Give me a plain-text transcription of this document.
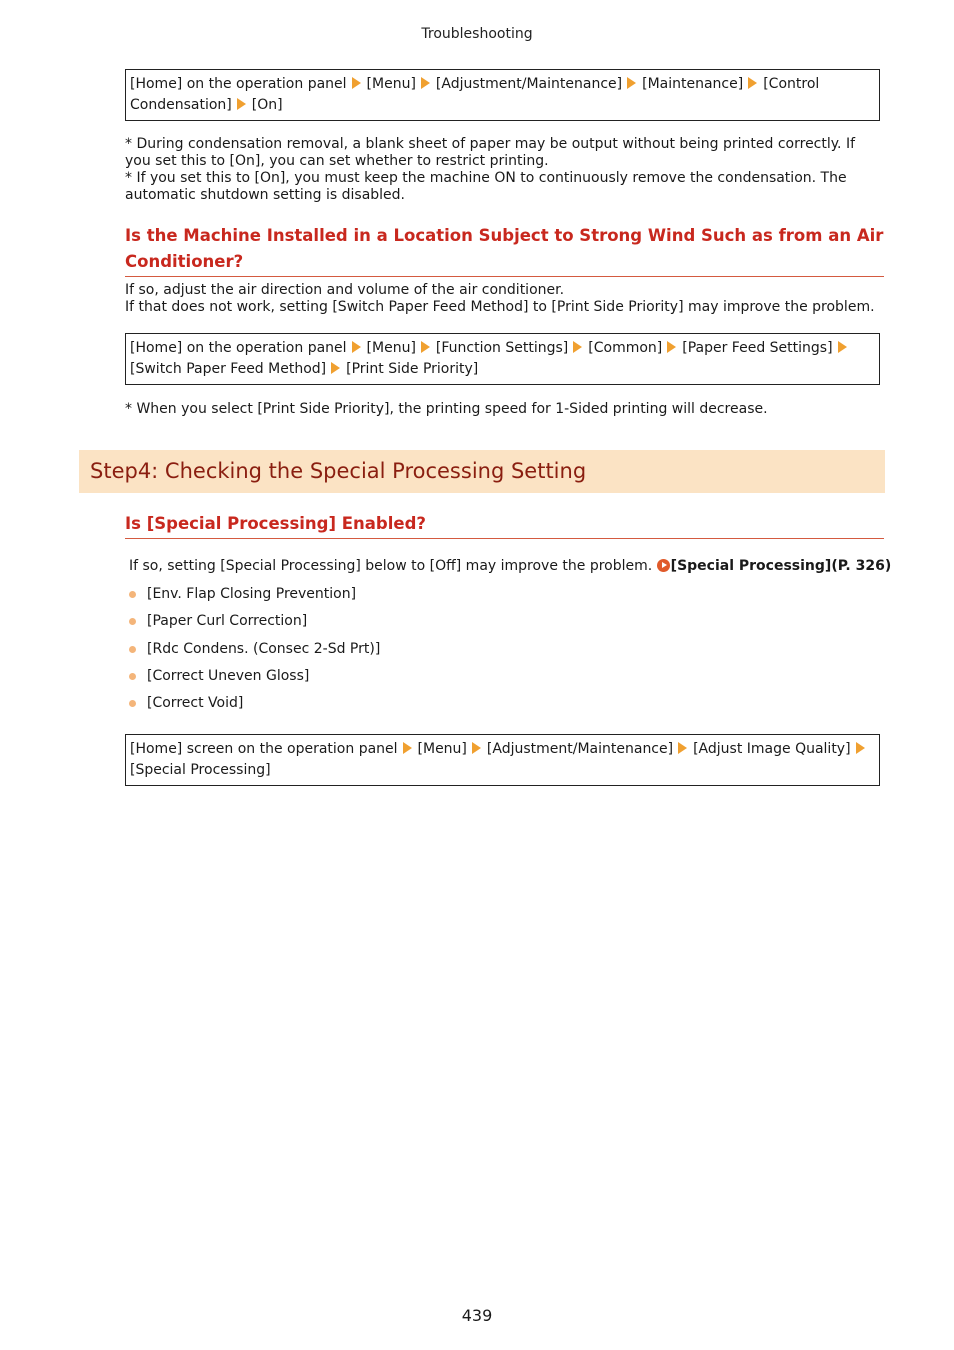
Troubleshooting
[Home] on the operation panel [Menu] [Adjustment/Maintenance] [Maintenance] [Control Condensation] [On]
* During condensation removal, a blank sheet of paper may be output without being printed correctly. If you set this to [On], you can set whether to restrict printing.
* If you set this to [On], you must keep the machine ON to continuously remove the condensation. The automatic shutdown setting is disabled.
Is the Machine Installed in a Location Subject to Strong Wind Such as from an Air Conditioner?
If so, adjust the air direction and volume of the air conditioner.
If that does not work, setting [Switch Paper Feed Method] to [Print Side Priority] may improve the problem.
[Home] on the operation panel [Menu] [Function Settings] [Common] [Paper Feed Settings][Switch Paper Feed Method] [Print Side Priority]
* When you select [Print Side Priority], the printing speed for 1-Sided printing will decrease.
Step4: Checking the Special Processing Setting
Is [Special Processing] Enabled?
If so, setting [Special Processing] below to [Off] may improve the problem. [Special Processing](P. 326)
[Env. Flap Closing Prevention]
[Paper Curl Correction]
[Rdc Condens. (Consec 2-Sd Prt)]
[Correct Uneven Gloss]
[Correct Void]
[Home] screen on the operation panel [Menu] [Adjustment/Maintenance] [Adjust Image Quality][Special Processing]
439
